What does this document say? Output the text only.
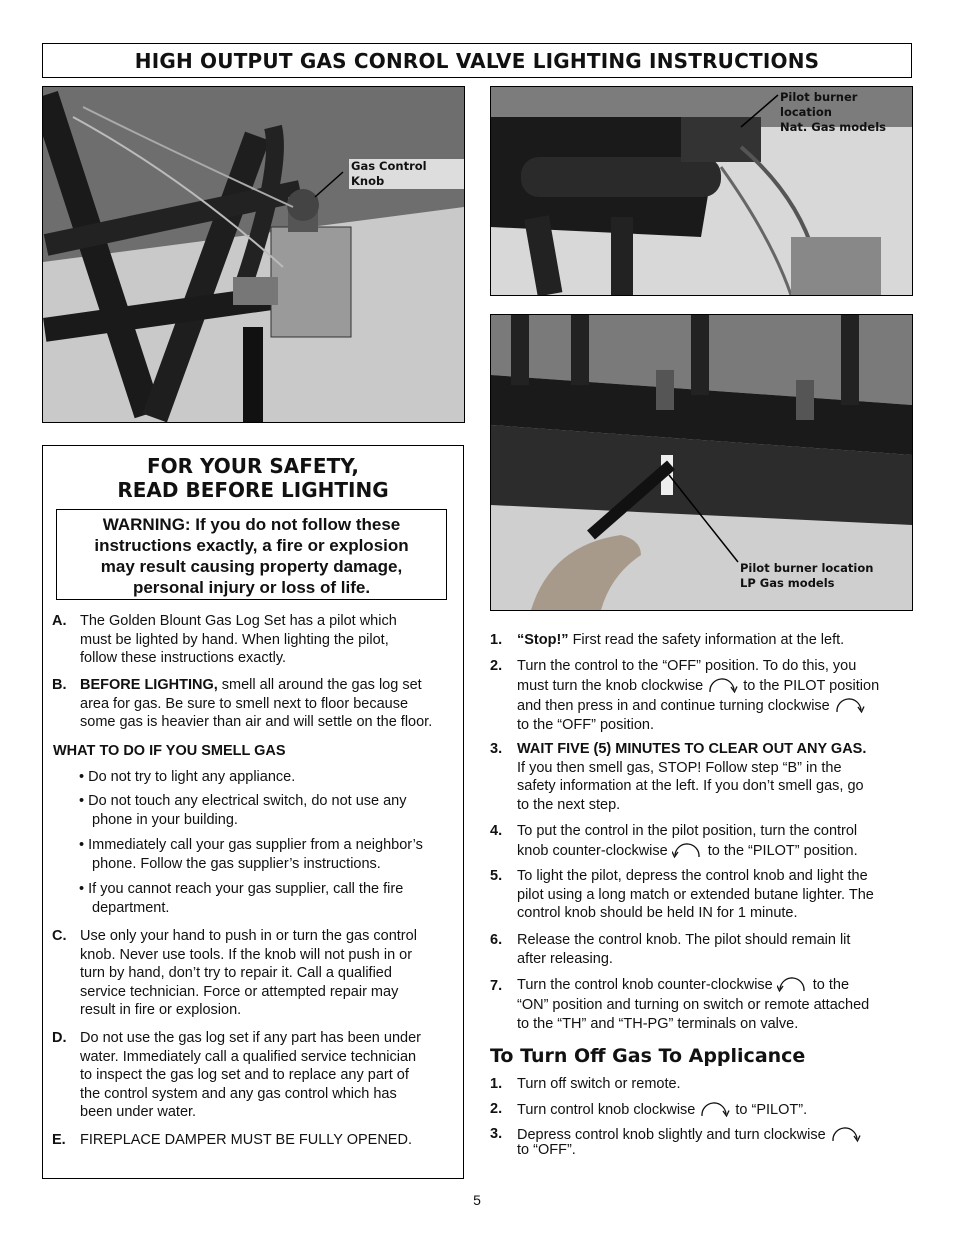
HIGH OUTPUT GAS CONROL VALVE LIGHTING INSTRUCTIONS
Gas Control Knob
Pilot burner location
Nat. Gas models
Pilot burner location
LP Gas models
FOR YOUR SAFETY,
READ BEFORE LIGHTING
WARNING: If you do not follow these
instructions exactly, a fire or explosion
may result causing property damage,
personal injury or loss of life.
A. The Golden Blount Gas Log Set has a pilot which
must be lighted by hand. When lighting the pilot,
follow these instructions exactly.
B. BEFORE LIGHTING, smell all around the gas log set
area for gas. Be sure to smell next to floor because
some gas is heavier than air and will settle on the floor.
WHAT TO DO IF YOU SMELL GAS
• Do not try to light any appliance.
• Do not touch any electrical switch, do not use any
phone in your building.
• Immediately call your gas supplier from a neighbor’s
phone. Follow the gas supplier’s instructions.
• If you cannot reach your gas supplier, call the fire
department.
C. Use only your hand to push in or turn the gas control
knob. Never use tools. If the knob will not push in or
turn by hand, don’t try to repair it. Call a qualified
service technician. Force or attempted repair may
result in fire or explosion.
D. Do not use the gas log set if any part has been under
water. Immediately call a qualified service technician
to inspect the gas log set and to replace any part of
the control system and any gas control which has
been under water.
E. FIREPLACE DAMPER MUST BE FULLY OPENED.
1. “Stop!” First read the safety information at the left.
2. Turn the control to the “OFF” position. To do this, you
must turn the knob clockwise to the PILOT position
and then press in and continue turning clockwise
to the “OFF” position.
3. WAIT FIVE (5) MINUTES TO CLEAR OUT ANY GAS.
If you then smell gas, STOP! Follow step “B” in the
safety information at the left. If you don’t smell gas, go
to the next step.
4. To put the control in the pilot position, turn the control
knob counter-clockwise to the “PILOT” position.
5. To light the pilot, depress the control knob and light the
pilot using a long match or extended butane lighter. The
control knob should be held IN for 1 minute.
6. Release the control knob. The pilot should remain lit
after releasing.
7. Turn the control knob counter-clockwise to the
“ON” position and turning on switch or remote attached
to the “TH” and “TH-PG” terminals on valve.
To Turn Off Gas To Applicance
1. Turn off switch or remote.
2. Turn control knob clockwise to “PILOT”.
3. Depress control knob slightly and turn clockwise
to “OFF”.
5
